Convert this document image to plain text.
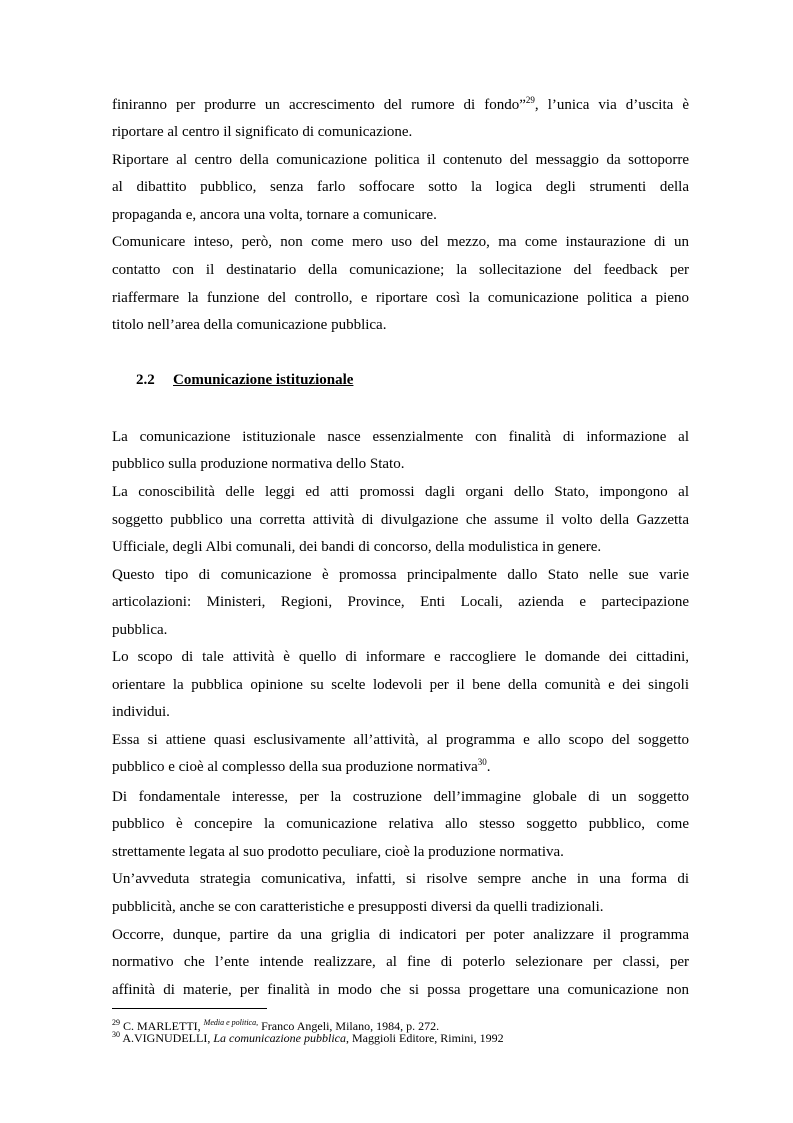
finiranno per produrre un accrescimento del rumore di fondo”$^{29}$, l’unica via d’uscita è
riportare al centro il significato di comunicazione.
Riportare al centro della comunicazione politica il contenuto del messaggio da sottoporre
al dibattito pubblico, senza farlo soffocare sotto la logica degli strumenti della
propaganda e, ancora una volta, tornare a comunicare.
Comunicare inteso, però, non come mero uso del mezzo, ma come instaurazione di un
contatto con il destinatario della comunicazione; la sollecitazione del feedback per
riaffermare la funzione del controllo, e riportare così la comunicazione politica a pieno
titolo nell’area della comunicazione pubblica.
2.2 Comunicazione istituzionale
La comunicazione istituzionale nasce essenzialmente con finalità di informazione al
pubblico sulla produzione normativa dello Stato.
La conoscibilità delle leggi ed atti promossi dagli organi dello Stato, impongono al
soggetto pubblico una corretta attività di divulgazione che assume il volto della Gazzetta
Ufficiale, degli Albi comunali, dei bandi di concorso, della modulistica in genere.
Questo tipo di comunicazione è promossa principalmente dallo Stato nelle sue varie
articolazioni: Ministeri, Regioni, Province, Enti Locali, azienda e partecipazione
pubblica.
Lo scopo di tale attività è quello di informare e raccogliere le domande dei cittadini,
orientare la pubblica opinione su scelte lodevoli per il bene della comunità e dei singoli
individui.
Essa si attiene quasi esclusivamente all’attività, al programma e allo scopo del soggetto
pubblico e cioè al complesso della sua produzione normativa$^{30}$.
Di fondamentale interesse, per la costruzione dell’immagine globale di un soggetto
pubblico è concepire la comunicazione relativa allo stesso soggetto pubblico, come
strettamente legata al suo prodotto peculiare, cioè la produzione normativa.
Un’avveduta strategia comunicativa, infatti, si risolve sempre anche in una forma di
pubblicità, anche se con caratteristiche e presupposti diversi da quelli tradizionali.
Occorre, dunque, partire da una griglia di indicatori per poter analizzare il programma
normativo che l’ente intende realizzare, al fine di poterlo selezionare per classi, per
affinità di materie, per finalità in modo che si possa progettare una comunicazione non
$^{29}$ C. MARLETTI, $^{Media e politica,}$ Franco Angeli, Milano, 1984, p. 272.
$^{30}$ A.VIGNUDELLI, La comunicazione pubblica, Maggioli Editore, Rimini, 1992
